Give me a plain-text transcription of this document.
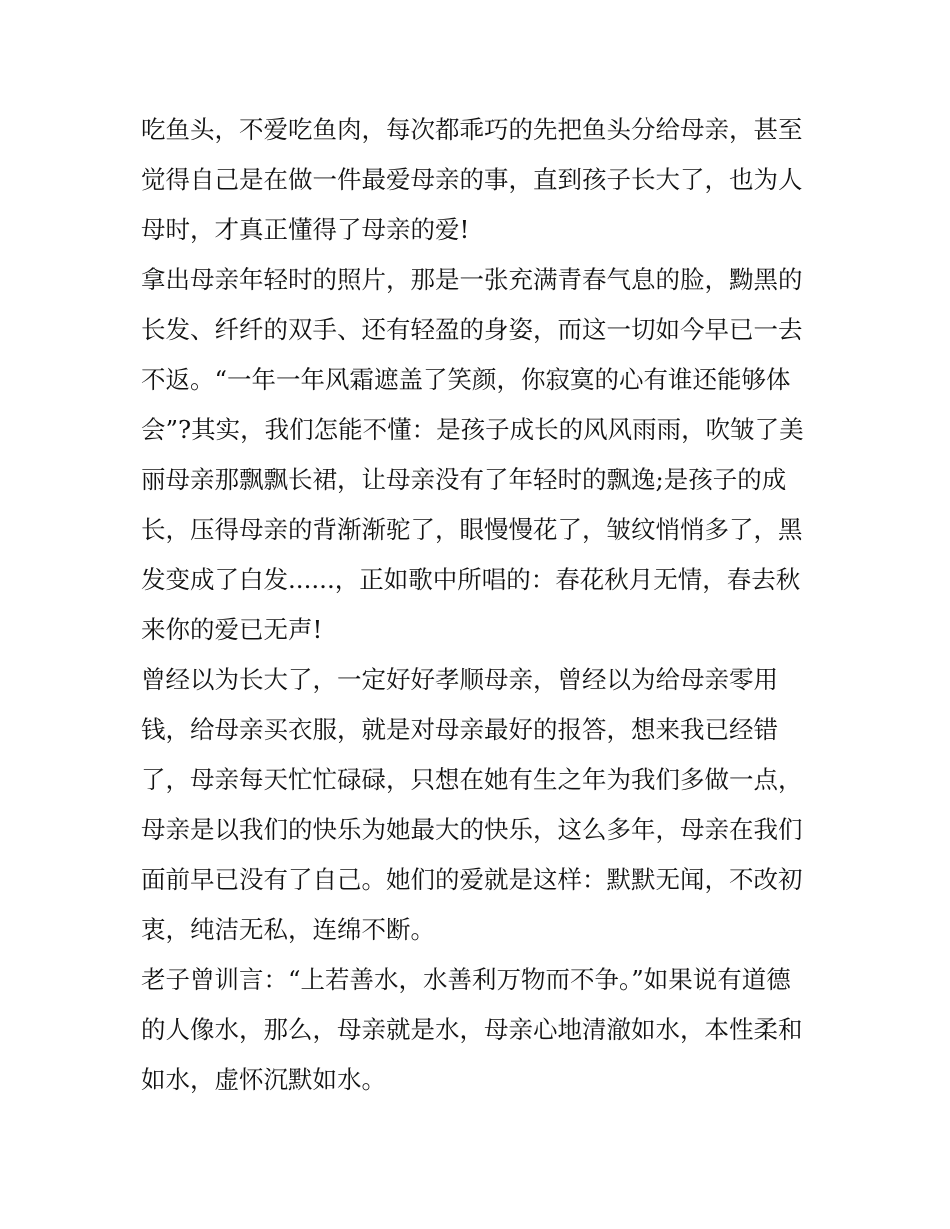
吃鱼头，不爱吃鱼肉，每次都乖巧的先把鱼头分给母亲，甚至
觉得自己是在做一件最爱母亲的事，直到孩子长大了，也为人
母时，才真正懂得了母亲的爱!
拿出母亲年轻时的照片，那是一张充满青春气息的脸，黝黑的
长发、纤纤的双手、还有轻盈的身姿，而这一切如今早已一去
不返。“一年一年风霜遮盖了笑颜，你寂寞的心有谁还能够体
会”?其实，我们怎能不懂：是孩子成长的风风雨雨，吹皱了美
丽母亲那飘飘长裙，让母亲没有了年轻时的飘逸;是孩子的成
长，压得母亲的背渐渐驼了，眼慢慢花了，皱纹悄悄多了，黑
发变成了白发......，正如歌中所唱的：春花秋月无情，春去秋
来你的爱已无声!
曾经以为长大了，一定好好孝顺母亲，曾经以为给母亲零用
钱，给母亲买衣服，就是对母亲最好的报答，想来我已经错
了，母亲每天忙忙碌碌，只想在她有生之年为我们多做一点，
母亲是以我们的快乐为她最大的快乐，这么多年，母亲在我们
面前早已没有了自己。她们的爱就是这样：默默无闻，不改初
衷，纯洁无私，连绵不断。
老子曾训言：“上若善水，水善利万物而不争。”如果说有道德
的人像水，那么，母亲就是水，母亲心地清澈如水，本性柔和
如水，虚怀沉默如水。
